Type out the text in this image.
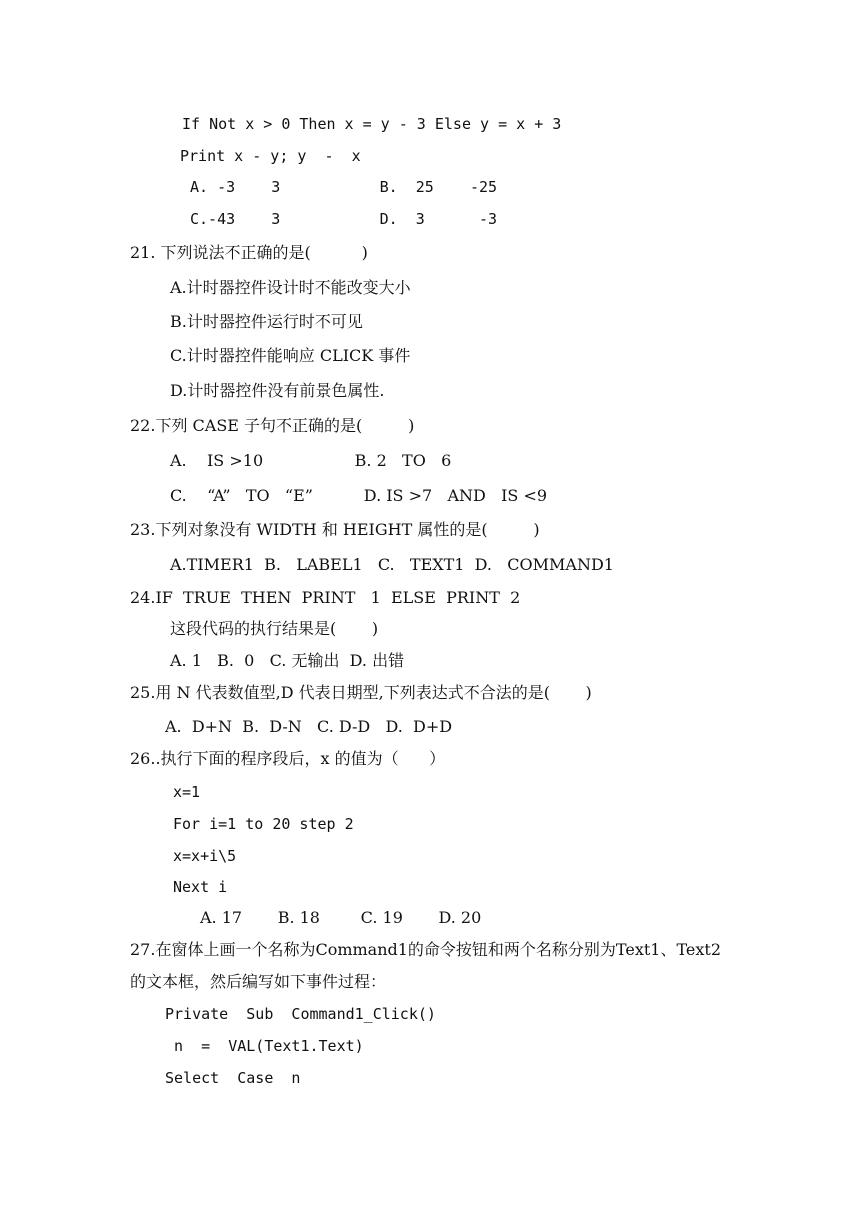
If Not x > 0 Then x = y - 3 Else y = x + 3
Print x - y; y  -  x
A. -3    3           B.  25    -25
C.-43    3           D.  3      -3
21. 下列说法不正确的是(          )
A.计时器控件设计时不能改变大小
B.计时器控件运行时不可见
C.计时器控件能响应 CLICK 事件
D.计时器控件没有前景色属性.
22.下列 CASE 子句不正确的是(         )
A.    IS >10                  B. 2   TO   6
C.    “A”   TO   “E”          D. IS >7   AND   IS <9
23.下列对象没有 WIDTH 和 HEIGHT 属性的是(         )
A.TIMER1  B.   LABEL1   C.   TEXT1  D.   COMMAND1
24.IF  TRUE  THEN  PRINT   1  ELSE  PRINT  2
这段代码的执行结果是(       )
A. 1   B.  0   C. 无输出  D. 出错
25.用 N 代表数值型,D 代表日期型,下列表达式不合法的是(       )
A.  D+N  B.  D-N   C. D-D   D.  D+D
26..执行下面的程序段后，x 的值为（      ）
x=1
For i=1 to 20 step 2
x=x+i\5
Next i
A. 17       B. 18        C. 19       D. 20
27.在窗体上画一个名称为Command1的命令按钮和两个名称分别为Text1、Text2
的文本框，然后编写如下事件过程：
Private  Sub  Command1_Click()
n  =  VAL(Text1.Text)
Select  Case  n
